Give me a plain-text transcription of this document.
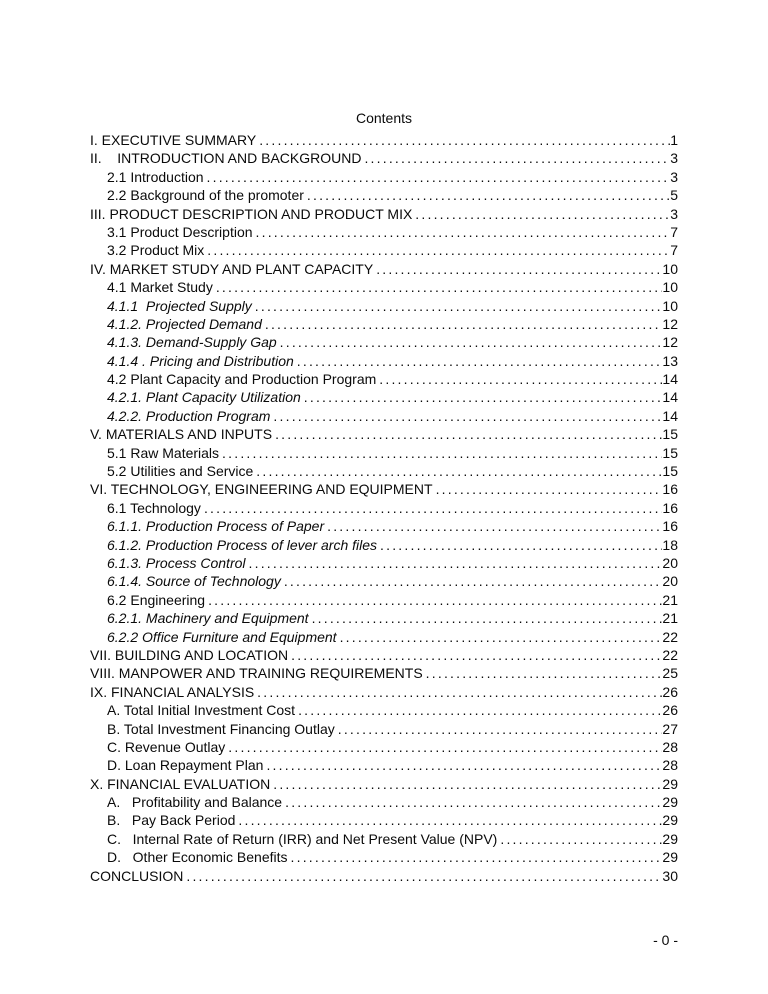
Contents
I. EXECUTIVE SUMMARY .....	1
II.    INTRODUCTION AND BACKGROUND .....	3
2.1 Introduction .....	3
2.2 Background of the promoter .....	5
III. PRODUCT DESCRIPTION AND PRODUCT MIX .....	3
3.1 Product Description .....	7
3.2 Product Mix .....	7
IV. MARKET STUDY AND PLANT CAPACITY .....	10
4.1 Market Study .....	10
4.1.1  Projected Supply .....	10
4.1.2. Projected Demand .....	12
4.1.3. Demand-Supply Gap .....	12
4.1.4 . Pricing and Distribution .....	13
4.2 Plant Capacity and Production Program .....	14
4.2.1. Plant Capacity Utilization .....	14
4.2.2. Production Program .....	14
V. MATERIALS AND INPUTS .....	15
5.1 Raw Materials .....	15
5.2 Utilities and Service .....	15
VI. TECHNOLOGY, ENGINEERING AND EQUIPMENT .....	16
6.1 Technology .....	16
6.1.1. Production Process of Paper .....	16
6.1.2. Production Process of lever arch files .....	18
6.1.3. Process Control .....	20
6.1.4. Source of Technology .....	20
6.2 Engineering .....	21
6.2.1. Machinery and Equipment .....	21
6.2.2 Office Furniture and Equipment .....	22
VII. BUILDING AND LOCATION .....	22
VIII. MANPOWER AND TRAINING REQUIREMENTS .....	25
IX. FINANCIAL ANALYSIS .....	26
A. Total Initial Investment Cost .....	26
B. Total Investment Financing Outlay .....	27
C. Revenue Outlay .....	28
D. Loan Repayment Plan .....	28
X. FINANCIAL EVALUATION .....	29
A.   Profitability and Balance .....	29
B.   Pay Back Period .....	29
C.   Internal Rate of Return (IRR) and Net Present Value (NPV) .....	29
D.   Other Economic Benefits .....	29
CONCLUSION .....	30
- 0 -
